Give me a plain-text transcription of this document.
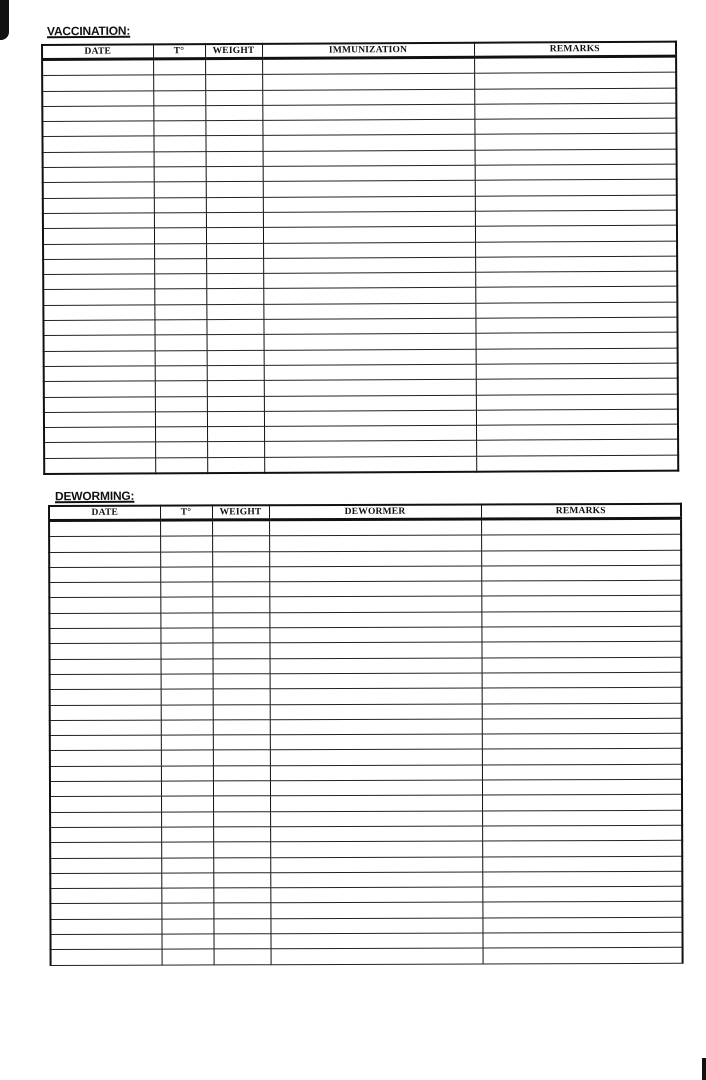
VACCINATION:
DATE	T°	WEIGHT	IMMUNIZATION	REMARKS

DEWORMING:
DATE	T°	WEIGHT	DEWORMER	REMARKS
